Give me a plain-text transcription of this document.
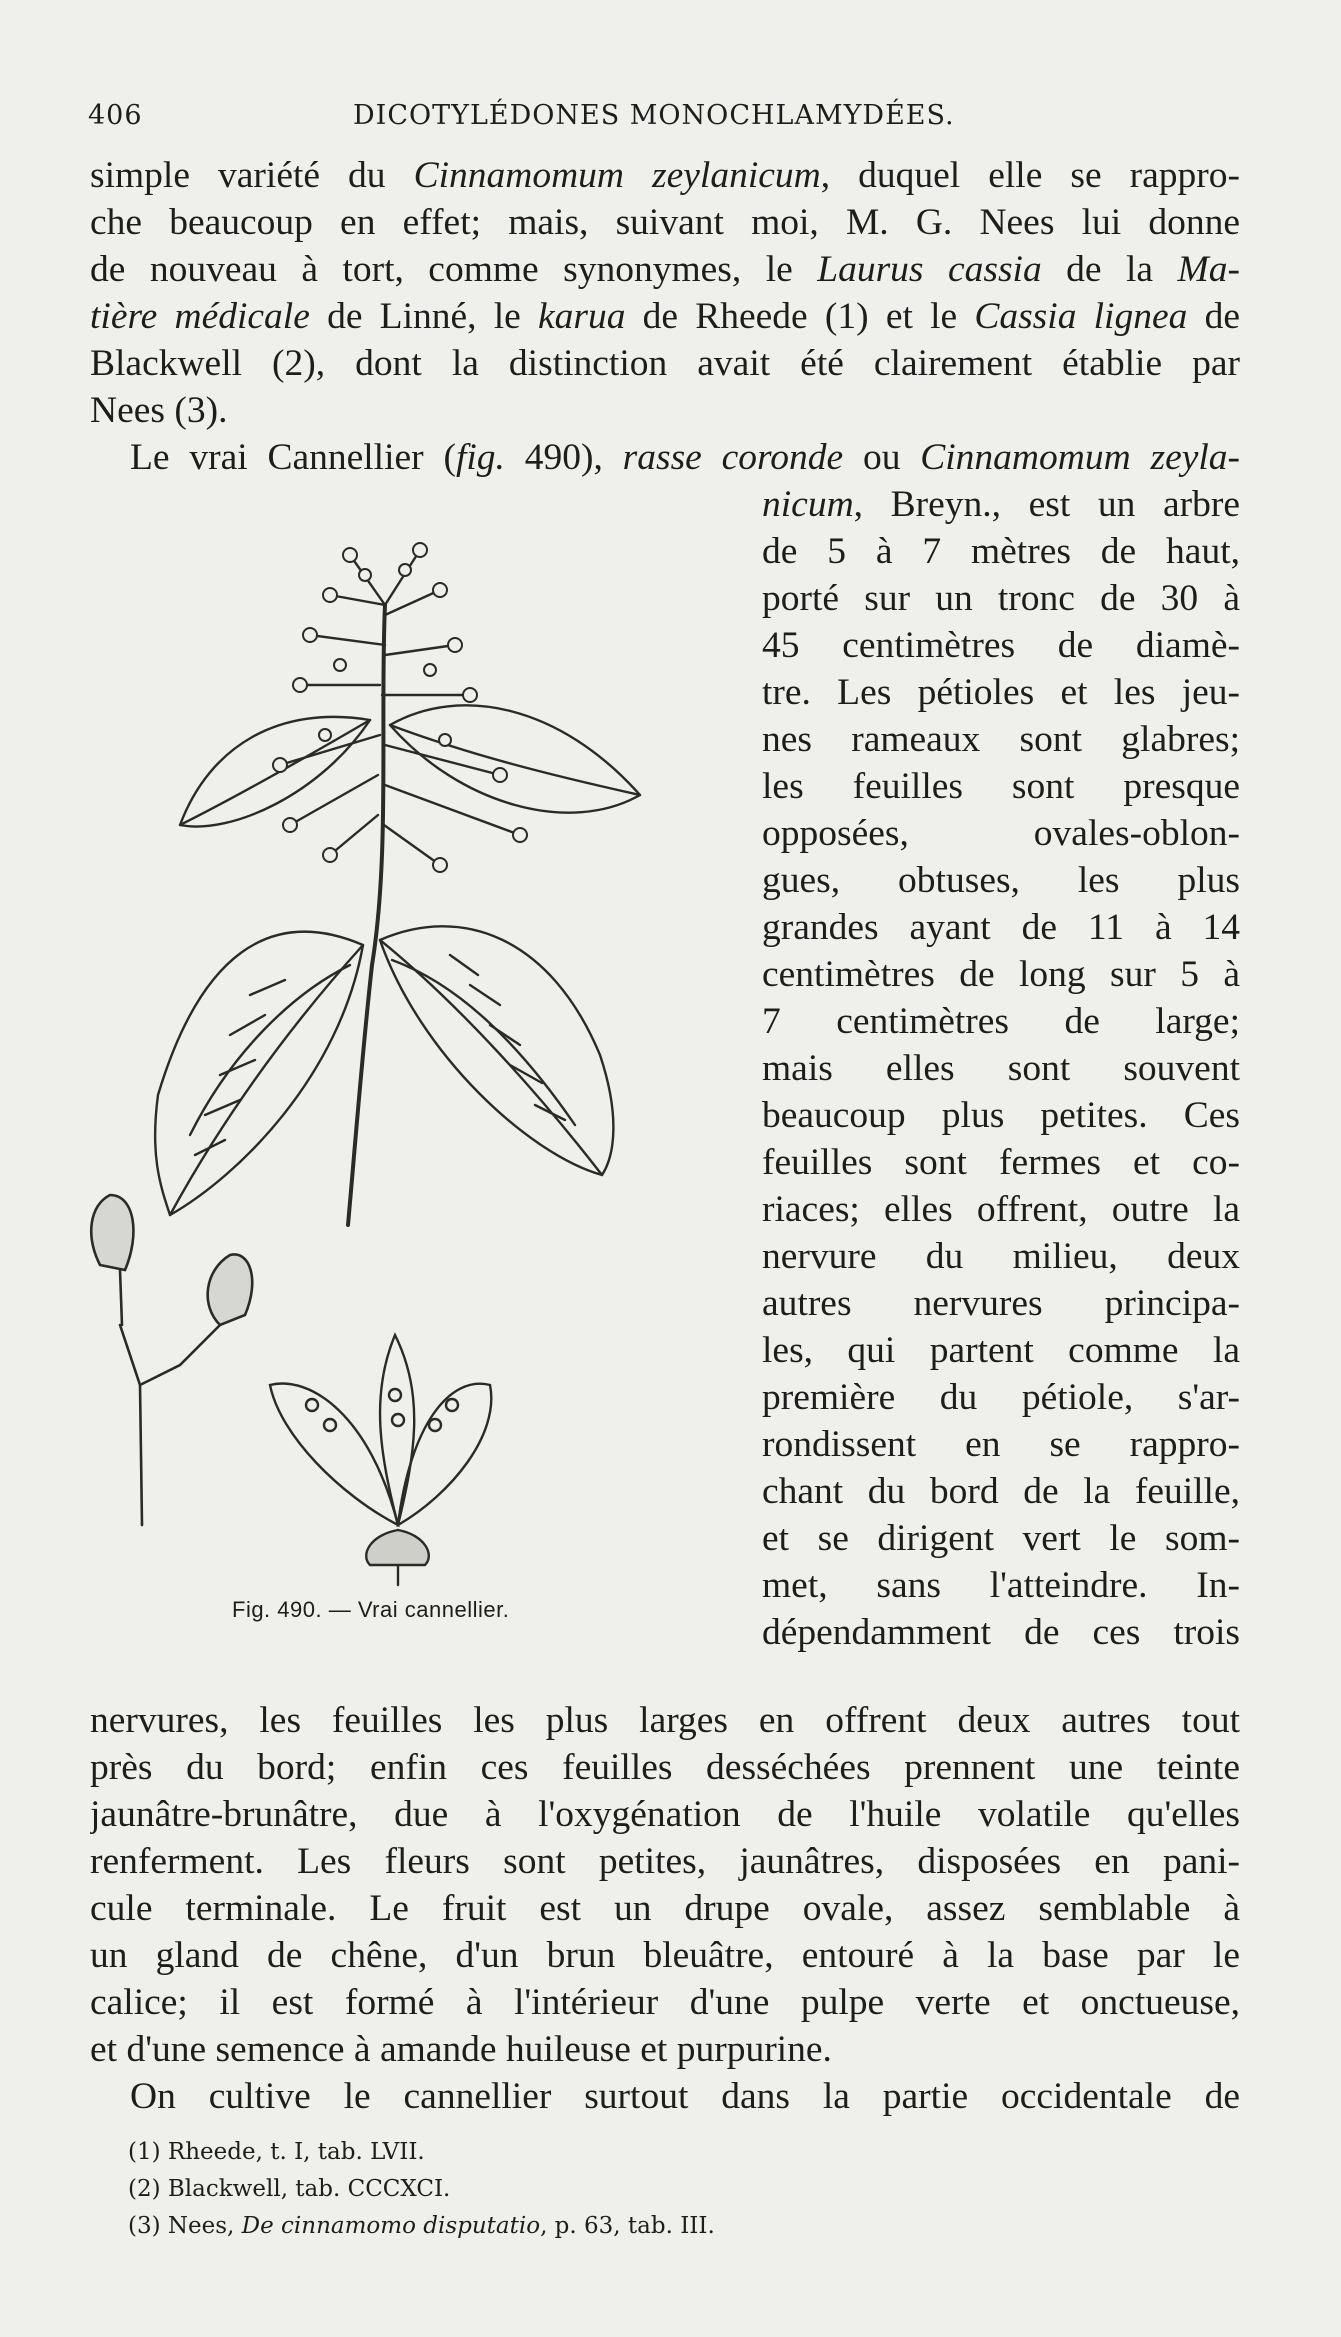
406	DICOTYLÉDONES MONOCHLAMYDÉES.
simple variété du Cinnamomum zeylanicum, duquel elle se rappro-
che beaucoup en effet; mais, suivant moi, M. G. Nees lui donne
de nouveau à tort, comme synonymes, le Laurus cassia de la Ma-
tière médicale de Linné, le karua de Rheede (1) et le Cassia lignea de
Blackwell (2), dont la distinction avait été clairement établie par
Nees (3).
Le vrai Cannellier (fig. 490), rasse coronde ou Cinnamomum zeyla-
nicum, Breyn., est un arbre
de 5 à 7 mètres de haut,
porté sur un tronc de 30 à
45 centimètres de diamè-
tre. Les pétioles et les jeu-
nes rameaux sont glabres;
les feuilles sont presque
opposées, ovales-oblon-
gues, obtuses, les plus
grandes ayant de 11 à 14
centimètres de long sur 5 à
7 centimètres de large;
mais elles sont souvent
beaucoup plus petites. Ces
feuilles sont fermes et co-
riaces; elles offrent, outre la
nervure du milieu, deux
autres nervures principa-
les, qui partent comme la
première du pétiole, s'ar-
rondissent en se rappro-
chant du bord de la feuille,
et se dirigent vert le som-
met, sans l'atteindre. In-
dépendamment de ces trois
Fig. 490. — Vrai cannellier.
nervures, les feuilles les plus larges en offrent deux autres tout
près du bord; enfin ces feuilles desséchées prennent une teinte
jaunâtre-brunâtre, due à l'oxygénation de l'huile volatile qu'elles
renferment. Les fleurs sont petites, jaunâtres, disposées en pani-
cule terminale. Le fruit est un drupe ovale, assez semblable à
un gland de chêne, d'un brun bleuâtre, entouré à la base par le
calice; il est formé à l'intérieur d'une pulpe verte et onctueuse,
et d'une semence à amande huileuse et purpurine.
On cultive le cannellier surtout dans la partie occidentale de
(1) Rheede, t. I, tab. LVII.
(2) Blackwell, tab. CCCXCI.
(3) Nees, De cinnamomo disputatio, p. 63, tab. III.
